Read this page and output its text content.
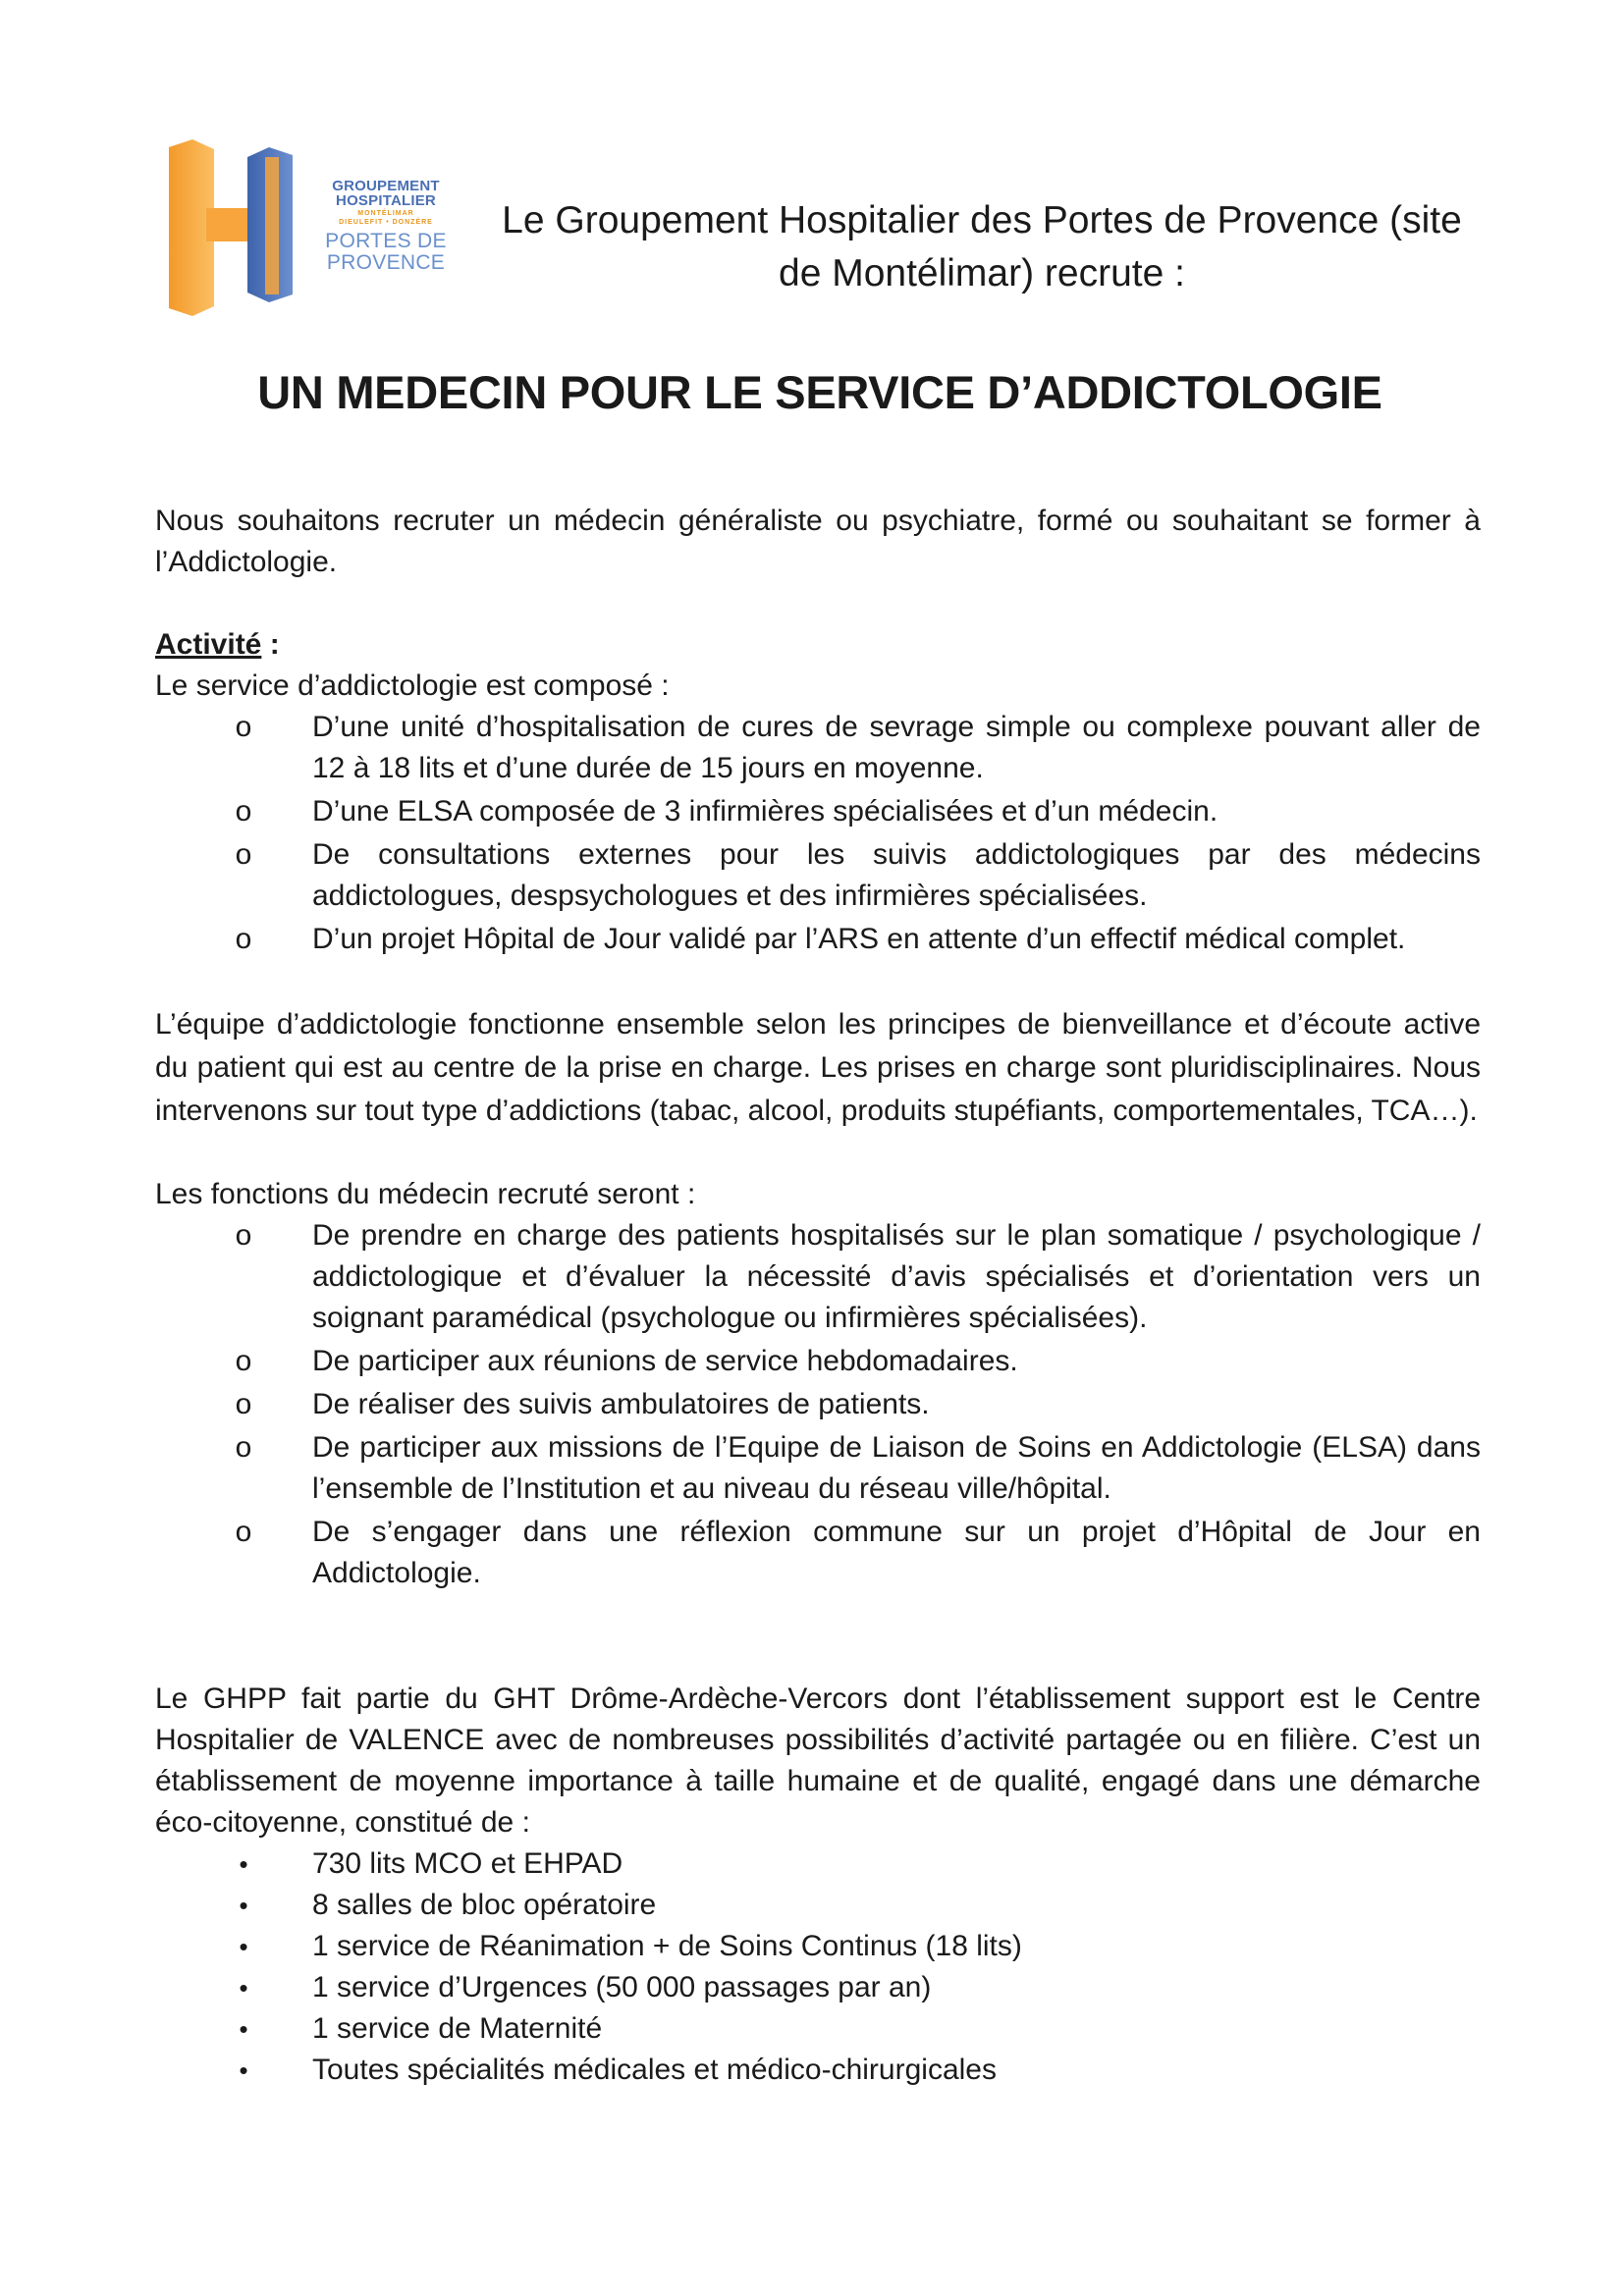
GROUPEMENT
HOSPITALIER
MONTÉLIMAR
DIEULEFIT • DONZÈRE
PORTES DE
PROVENCE
Le Groupement Hospitalier des Portes de Provence (site
de Montélimar) recrute :
UN MEDECIN POUR LE SERVICE D’ADDICTOLOGIE

Nous souhaitons recruter un médecin généraliste ou psychiatre, formé ou souhaitant se former à l’Addictologie.

Activité :

Le service d’addictologie est composé :

o D’une unité d’hospitalisation de cures de sevrage simple ou complexe pouvant aller de 12 à 18 lits et d’une durée de 15 jours en moyenne.
o D’une ELSA composée de 3 infirmières spécialisées et d’un médecin.
o De consultations externes pour les suivis addictologiques par des médecins addictologues, despsychologues et des infirmières spécialisées.
o D’un projet Hôpital de Jour validé par l’ARS en attente d’un effectif médical complet.

L’équipe d’addictologie fonctionne ensemble selon les principes de bienveillance et d’écoute active du patient qui est au centre de la prise en charge. Les prises en charge sont pluridisciplinaires. Nous intervenons sur tout type d’addictions (tabac, alcool, produits stupéfiants, comportementales, TCA…).

Les fonctions du médecin recruté seront :

o De prendre en charge des patients hospitalisés sur le plan somatique / psychologique / addictologique et d’évaluer la nécessité d’avis spécialisés et d’orientation vers un soignant paramédical (psychologue ou infirmières spécialisées).
o De participer aux réunions de service hebdomadaires.
o De réaliser des suivis ambulatoires de patients.
o De participer aux missions de l’Equipe de Liaison de Soins en Addictologie (ELSA) dans l’ensemble de l’Institution et au niveau du réseau ville/hôpital.
o De s’engager dans une réflexion commune sur un projet d’Hôpital de Jour en Addictologie.

Le GHPP fait partie du GHT Drôme-Ardèche-Vercors dont l’établissement support est le Centre Hospitalier de VALENCE avec de nombreuses possibilités d’activité partagée ou en filière. C’est un établissement de moyenne importance à taille humaine et de qualité, engagé dans une démarche éco-citoyenne, constitué de :

• 730 lits MCO et EHPAD
• 8 salles de bloc opératoire
• 1 service de Réanimation + de Soins Continus (18 lits)
• 1 service d’Urgences (50 000 passages par an)
• 1 service de Maternité
• Toutes spécialités médicales et médico-chirurgicales
